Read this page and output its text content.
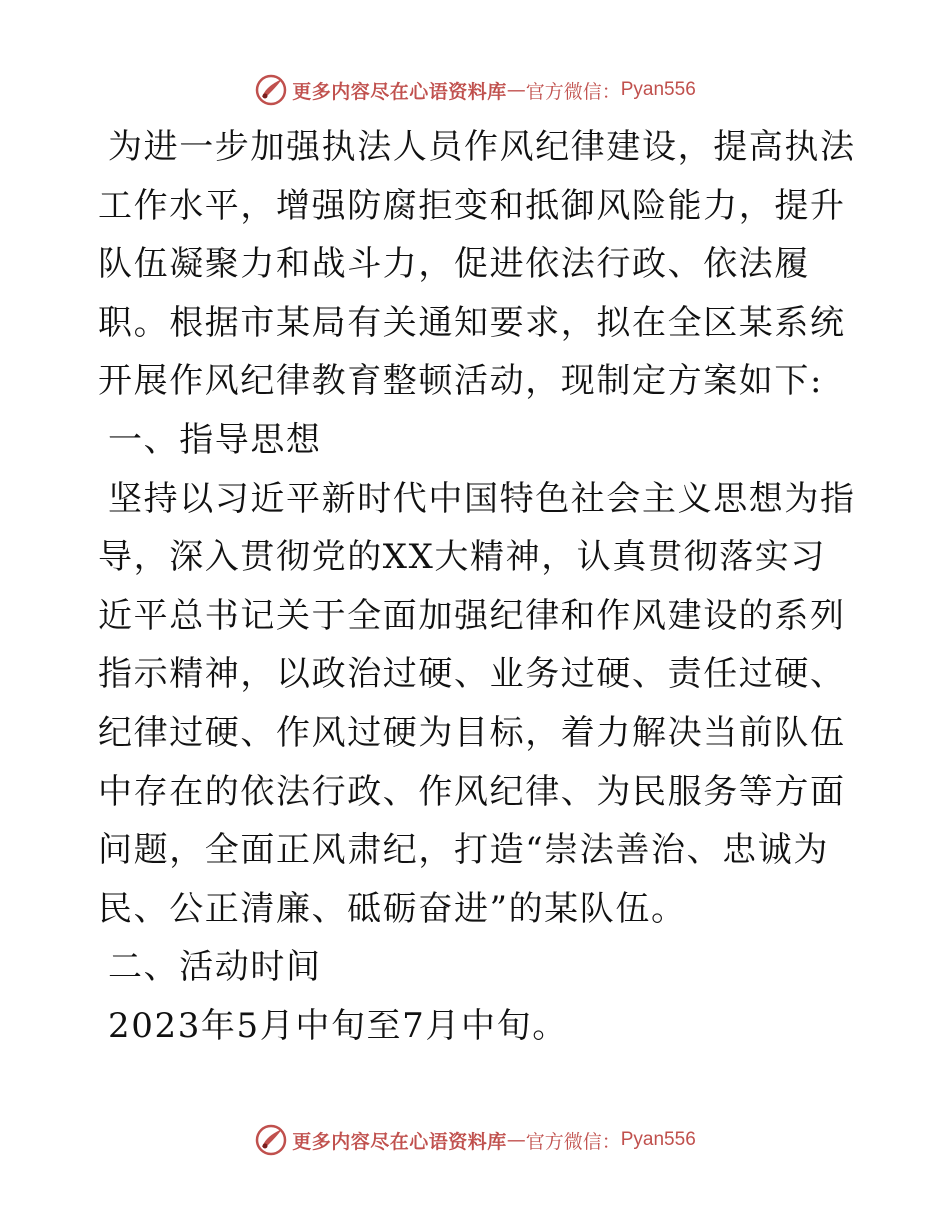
更多内容尽在心语资料库 — 官方微信： Pyan556

为进一步加强执法人员作风纪律建设，提高执法工作水平，增强防腐拒变和抵御风险能力，提升队伍凝聚力和战斗力，促进依法行政、依法履职。根据市某局有关通知要求，拟在全区某系统开展作风纪律教育整顿活动，现制定方案如下:

一、指导思想

坚持以习近平新时代中国特色社会主义思想为指导，深入贯彻党的XX大精神，认真贯彻落实习近平总书记关于全面加强纪律和作风建设的系列指示精神，以政治过硬、业务过硬、责任过硬、纪律过硬、作风过硬为目标，着力解决当前队伍中存在的依法行政、作风纪律、为民服务等方面问题，全面正风肃纪，打造“崇法善治、忠诚为民、公正清廉、砥砺奋进”的某队伍。

二、活动时间

2023年5月中旬至7月中旬。

更多内容尽在心语资料库 — 官方微信： Pyan556
